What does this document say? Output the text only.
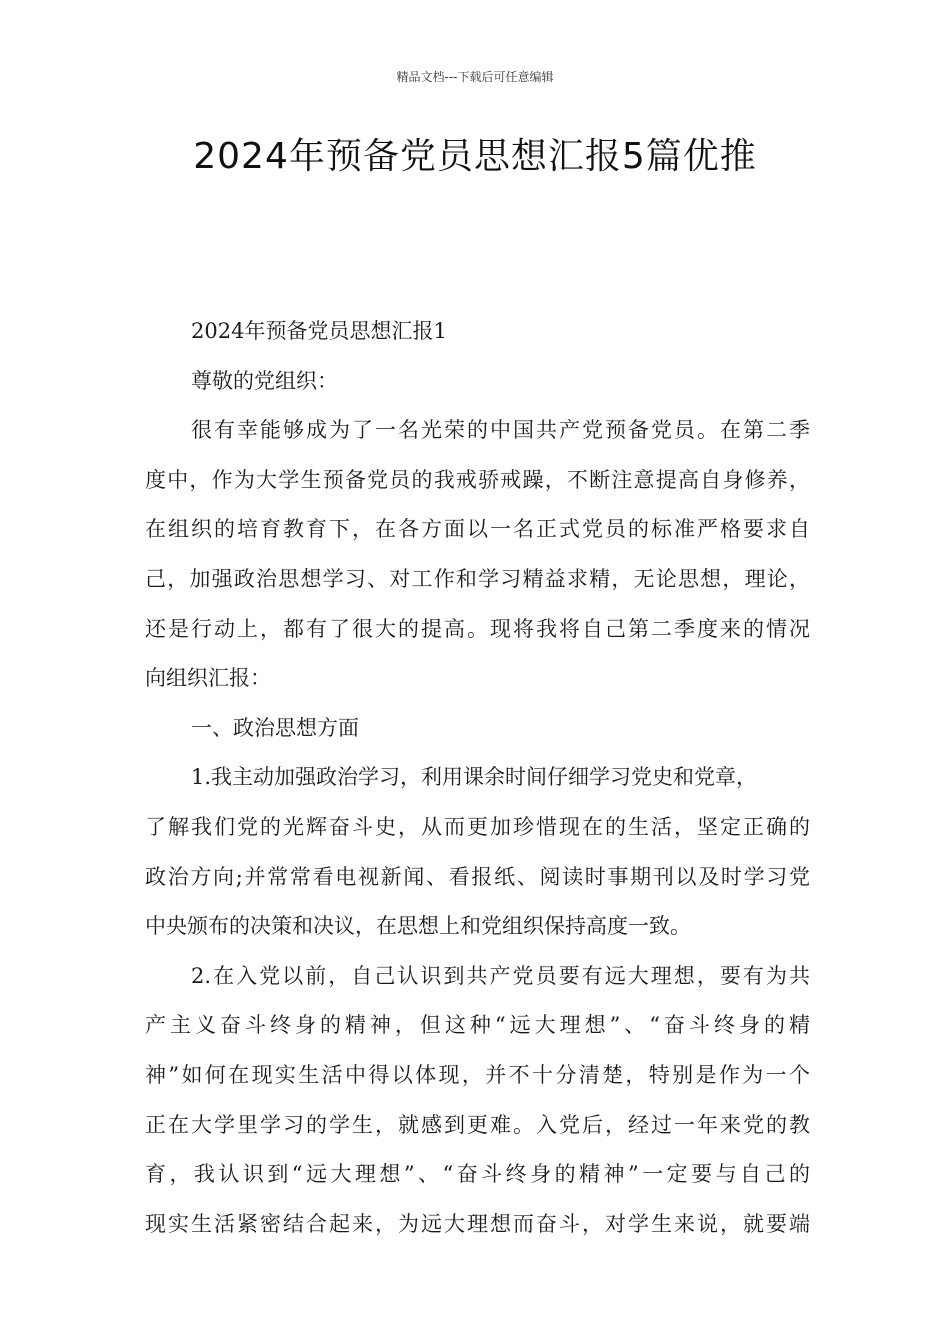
精品文档---下载后可任意编辑
2024年预备党员思想汇报5篇优推
2024年预备党员思想汇报1
尊敬的党组织：
很有幸能够成为了一名光荣的中国共产党预备党员。在第二季
度中，作为大学生预备党员的我戒骄戒躁，不断注意提高自身修养，
在组织的培育教育下，在各方面以一名正式党员的标准严格要求自
己，加强政治思想学习、对工作和学习精益求精，无论思想，理论，
还是行动上，都有了很大的提高。现将我将自己第二季度来的情况
向组织汇报：
一、政治思想方面
1.我主动加强政治学习，利用课余时间仔细学习党史和党章，
了解我们党的光辉奋斗史，从而更加珍惜现在的生活，坚定正确的
政治方向;并常常看电视新闻、看报纸、阅读时事期刊以及时学习党
中央颁布的决策和决议，在思想上和党组织保持高度一致。
2.在入党以前，自己认识到共产党员要有远大理想，要有为共
产主义奋斗终身的精神，但这种“远大理想”、“奋斗终身的精
神”如何在现实生活中得以体现，并不十分清楚，特别是作为一个
正在大学里学习的学生，就感到更难。入党后，经过一年来党的教
育，我认识到“远大理想”、“奋斗终身的精神”一定要与自己的
现实生活紧密结合起来，为远大理想而奋斗，对学生来说，就要端
